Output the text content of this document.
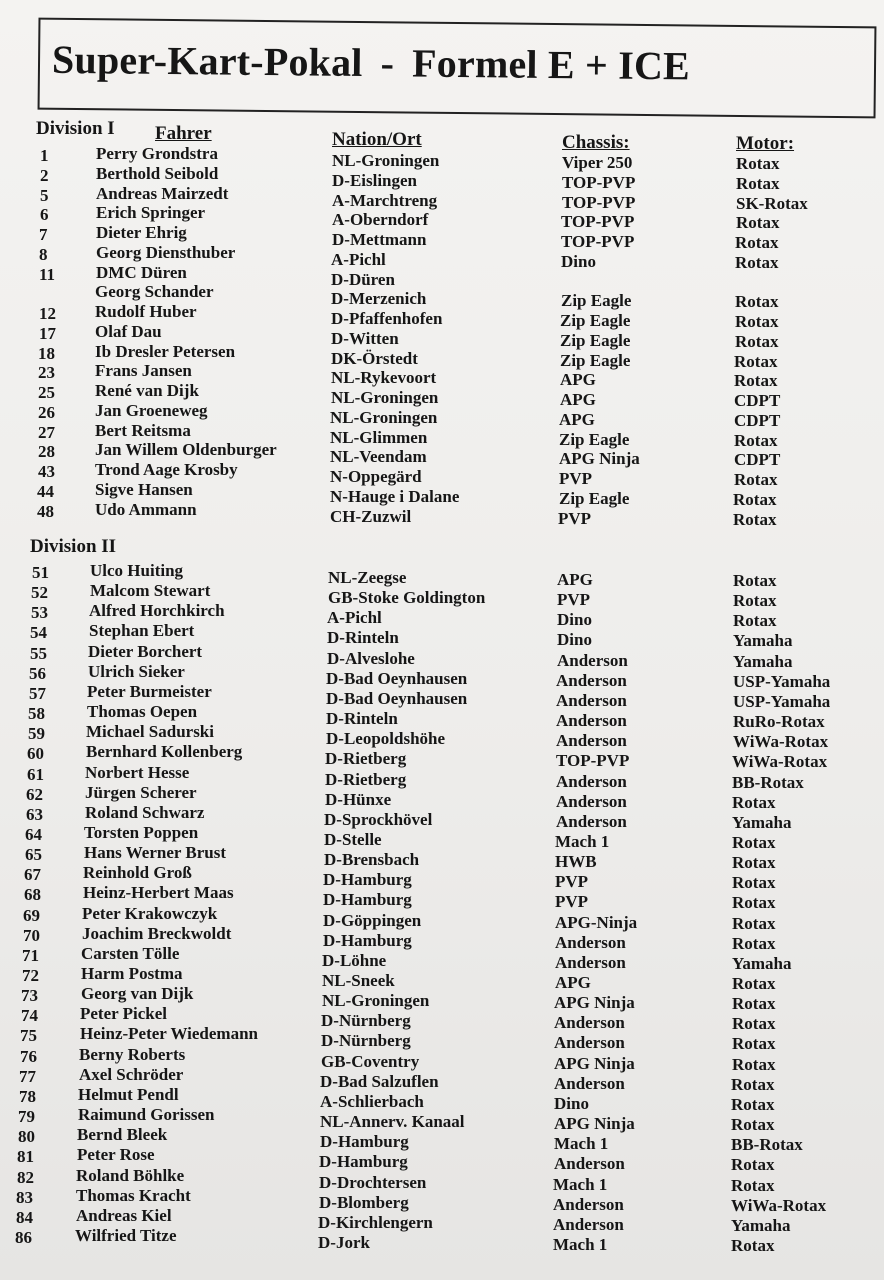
Super-Kart-Pokal - Formel E + ICE
Division I Fahrer	Nation/Ort	Chassis:	Motor:
1	Perry Grondstra	NL-Groningen	Viper 250	Rotax
2	Berthold Seibold	D-Eislingen	TOP-PVP	Rotax
5	Andreas Mairzedt	A-Marchtreng	TOP-PVP	SK-Rotax
6	Erich Springer	A-Oberndorf	TOP-PVP	Rotax
7	Dieter Ehrig	D-Mettmann	TOP-PVP	Rotax
8	Georg Diensthuber	A-Pichl	Dino	Rotax
11 DMC Düren	D-Düren
Georg Schander	D-Merzenich	Zip Eagle	Rotax
12 Rudolf Huber	D-Pfaffenhofen	Zip Eagle	Rotax
17 Olaf Dau	D-Witten	Zip Eagle	Rotax
18 Ib Dresler Petersen	DK-Örstedt	Zip Eagle	Rotax
23 Frans Jansen	NL-Rykevoort	APG	Rotax
25 René van Dijk	NL-Groningen	APG	CDPT
26 Jan Groeneweg	NL-Groningen	APG	CDPT
27 Bert Reitsma	NL-Glimmen	Zip Eagle	Rotax
28 Jan Willem Oldenburger	NL-Veendam	APG Ninja	CDPT
43 Trond Aage Krosby	N-Oppegärd	PVP	Rotax
44 Sigve Hansen	N-Hauge i Dalane	Zip Eagle	Rotax
48 Udo Ammann	CH-Zuzwil	PVP	Rotax
Division II
51 Ulco Huiting	NL-Zeegse	APG	Rotax
52 Malcom Stewart	GB-Stoke Goldington	PVP	Rotax
53 Alfred Horchkirch	A-Pichl	Dino	Rotax
54 Stephan Ebert	D-Rinteln	Dino	Yamaha
55 Dieter Borchert	D-Alveslohe	Anderson	Yamaha
56 Ulrich Sieker	D-Bad Oeynhausen	Anderson	USP-Yamaha
57 Peter Burmeister	D-Bad Oeynhausen	Anderson	USP-Yamaha
58 Thomas Oepen	D-Rinteln	Anderson	RuRo-Rotax
59 Michael Sadurski	D-Leopoldshöhe	Anderson	WiWa-Rotax
60 Bernhard Kollenberg	D-Rietberg	TOP-PVP	WiWa-Rotax
61 Norbert Hesse	D-Rietberg	Anderson	BB-Rotax
62 Jürgen Scherer	D-Hünxe	Anderson	Rotax
63 Roland Schwarz	D-Sprockhövel	Anderson	Yamaha
64 Torsten Poppen	D-Stelle	Mach 1	Rotax
65 Hans Werner Brust	D-Brensbach	HWB	Rotax
67 Reinhold Groß	D-Hamburg	PVP	Rotax
68 Heinz-Herbert Maas	D-Hamburg	PVP	Rotax
69 Peter Krakowczyk	D-Göppingen	APG-Ninja	Rotax
70 Joachim Breckwoldt	D-Hamburg	Anderson	Rotax
71 Carsten Tölle	D-Löhne	Anderson	Yamaha
72 Harm Postma	NL-Sneek	APG	Rotax
73	Georg van Dijk	NL-Groningen	APG Ninja	Rotax
74 Peter Pickel	D-Nürnberg	Anderson	Rotax
75	Heinz-Peter Wiedemann	D-Nürnberg	Anderson	Rotax
76 Berny Roberts	GB-Coventry	APG Ninja	Rotax
77	Axel Schröder	D-Bad Salzuflen	Anderson	Rotax
78 Helmut Pendl	A-Schlierbach	Dino	Rotax
79	Raimund Gorissen	NL-Annerv. Kanaal	APG Ninja	Rotax
80 Bernd Bleek	D-Hamburg	Mach 1	BB-Rotax
81	Peter Rose	D-Hamburg	Anderson	Rotax
82 Roland Böhlke	D-Drochtersen	Mach 1	Rotax
83	Thomas Kracht	D-Blomberg	Anderson	WiWa-Rotax
84	Andreas Kiel	D-Kirchlengern	Anderson	Yamaha
86	Wilfried Titze	D-Jork	Mach 1	Rotax
